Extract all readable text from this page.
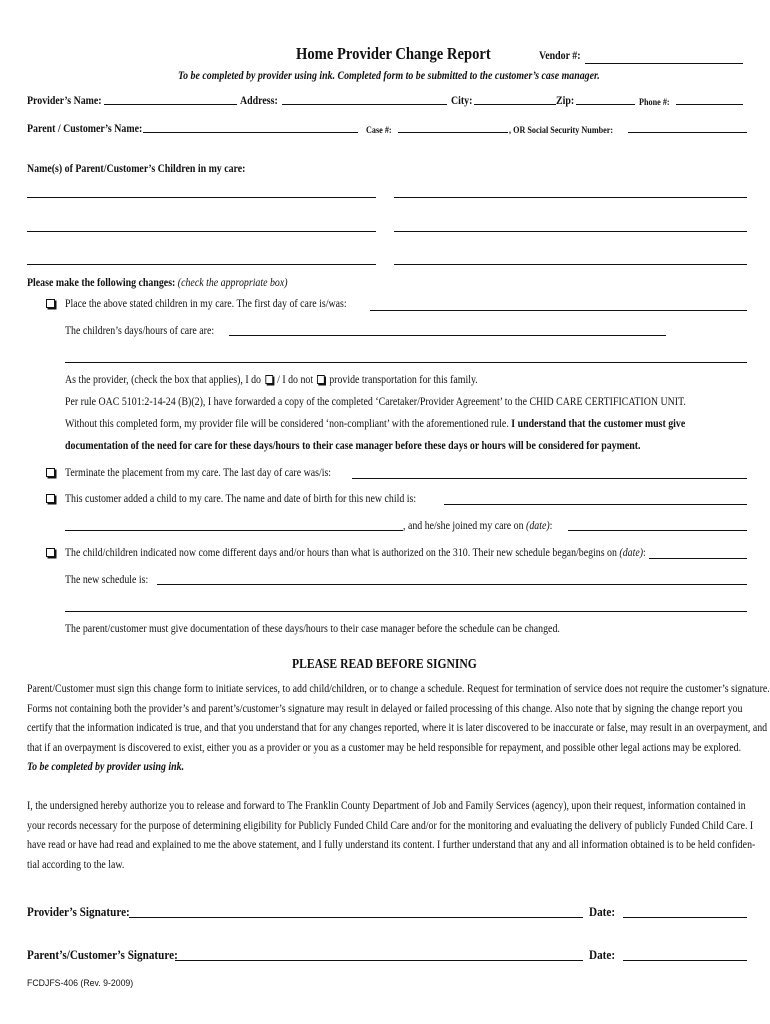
Home Provider Change Report	Vendor #:
To be completed by provider using ink. Completed form to be submitted to the customer’s case manager.
Provider’s Name:	Address:	City:	Zip:	Phone #:
Parent / Customer’s Name:	Case #:	, OR Social Security Number:
Name(s) of Parent/Customer’s Children in my care:
Please make the following changes: (check the appropriate box)
Place the above stated children in my care. The first day of care is/was:
The children’s days/hours of care are:
As the provider, (check the box that applies), I do / I do not provide transportation for this family.
Per rule OAC 5101:2-14-24 (B)(2), I have forwarded a copy of the completed ‘Caretaker/Provider Agreement’ to the CHID CARE CERTIFICATION UNIT.
Without this completed form, my provider file will be considered ‘non-compliant’ with the aforementioned rule. I understand that the customer must give
documentation of the need for care for these days/hours to their case manager before these days or hours will be considered for payment.
Terminate the placement from my care. The last day of care was/is:
This customer added a child to my care. The name and date of birth for this new child is:
, and he/she joined my care on (date):
The child/children indicated now come different days and/or hours than what is authorized on the 310. Their new schedule began/begins on (date):
The new schedule is:
The parent/customer must give documentation of these days/hours to their case manager before the schedule can be changed.
PLEASE READ BEFORE SIGNING
Parent/Customer must sign this change form to initiate services, to add child/children, or to change a schedule. Request for termination of service does not require the customer’s signature.
Forms not containing both the provider’s and parent’s/customer’s signature may result in delayed or failed processing of this change. Also note that by signing the change report you
certify that the information indicated is true, and that you understand that for any changes reported, where it is later discovered to be inaccurate or false, may result in an overpayment, and
that if an overpayment is discovered to exist, either you as a provider or you as a customer may be held responsible for repayment, and possible other legal actions may be explored.
To be completed by provider using ink.
I, the undersigned hereby authorize you to release and forward to The Franklin County Department of Job and Family Services (agency), upon their request, information contained in
your records necessary for the purpose of determining eligibility for Publicly Funded Child Care and/or for the monitoring and evaluating the delivery of publicly Funded Child Care. I
have read or have had read and explained to me the above statement, and I fully understand its content. I further understand that any and all information obtained is to be held confiden-
tial according to the law.
Provider’s Signature:	Date:
Parent’s/Customer’s Signature:	Date:
FCDJFS-406 (Rev. 9-2009)
